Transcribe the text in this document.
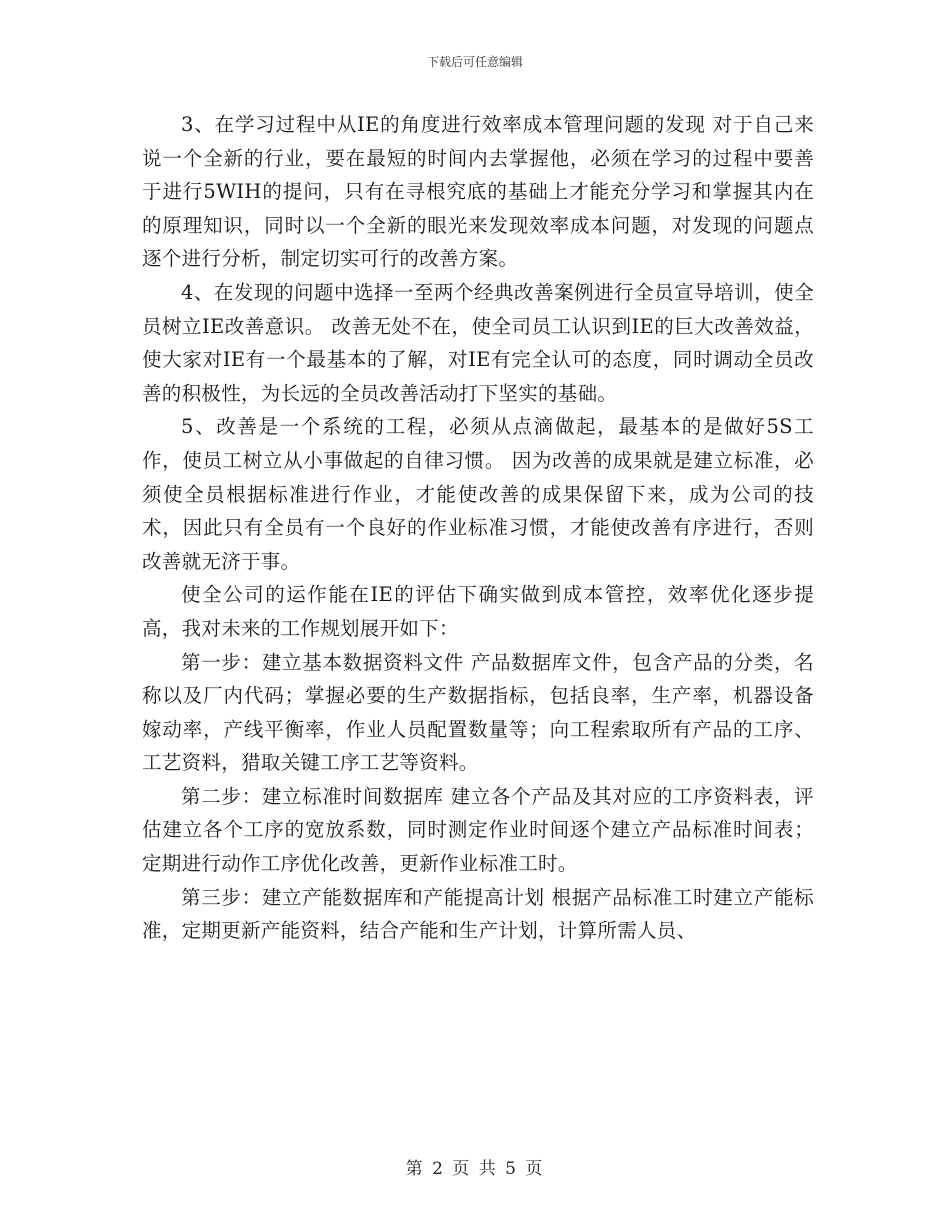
下载后可任意编辑

3、在学习过程中从IE的角度进行效率成本管理问题的发现 对于自己来说一个全新的行业，要在最短的时间内去掌握他，必须在学习的过程中要善于进行5WIH的提问，只有在寻根究底的基础上才能充分学习和掌握其内在的原理知识，同时以一个全新的眼光来发现效率成本问题，对发现的问题点逐个进行分析，制定切实可行的改善方案。

4、在发现的问题中选择一至两个经典改善案例进行全员宣导培训，使全员树立IE改善意识。 改善无处不在，使全司员工认识到IE的巨大改善效益，使大家对IE有一个最基本的了解，对IE有完全认可的态度，同时调动全员改善的积极性，为长远的全员改善活动打下坚实的基础。

5、改善是一个系统的工程，必须从点滴做起，最基本的是做好5S工作，使员工树立从小事做起的自律习惯。 因为改善的成果就是建立标准，必须使全员根据标准进行作业，才能使改善的成果保留下来，成为公司的技术，因此只有全员有一个良好的作业标准习惯，才能使改善有序进行，否则改善就无济于事。

使全公司的运作能在IE的评估下确实做到成本管控，效率优化逐步提高，我对未来的工作规划展开如下：

第一步：建立基本数据资料文件 产品数据库文件，包含产品的分类，名称以及厂内代码；掌握必要的生产数据指标，包括良率，生产率，机器设备嫁动率，产线平衡率，作业人员配置数量等；向工程索取所有产品的工序、工艺资料，猎取关键工序工艺等资料。

第二步：建立标准时间数据库 建立各个产品及其对应的工序资料表，评估建立各个工序的宽放系数，同时测定作业时间逐个建立产品标准时间表；定期进行动作工序优化改善，更新作业标准工时。

第三步：建立产能数据库和产能提高计划 根据产品标准工时建立产能标准，定期更新产能资料，结合产能和生产计划，计算所需人员、

第 2 页 共 5 页
